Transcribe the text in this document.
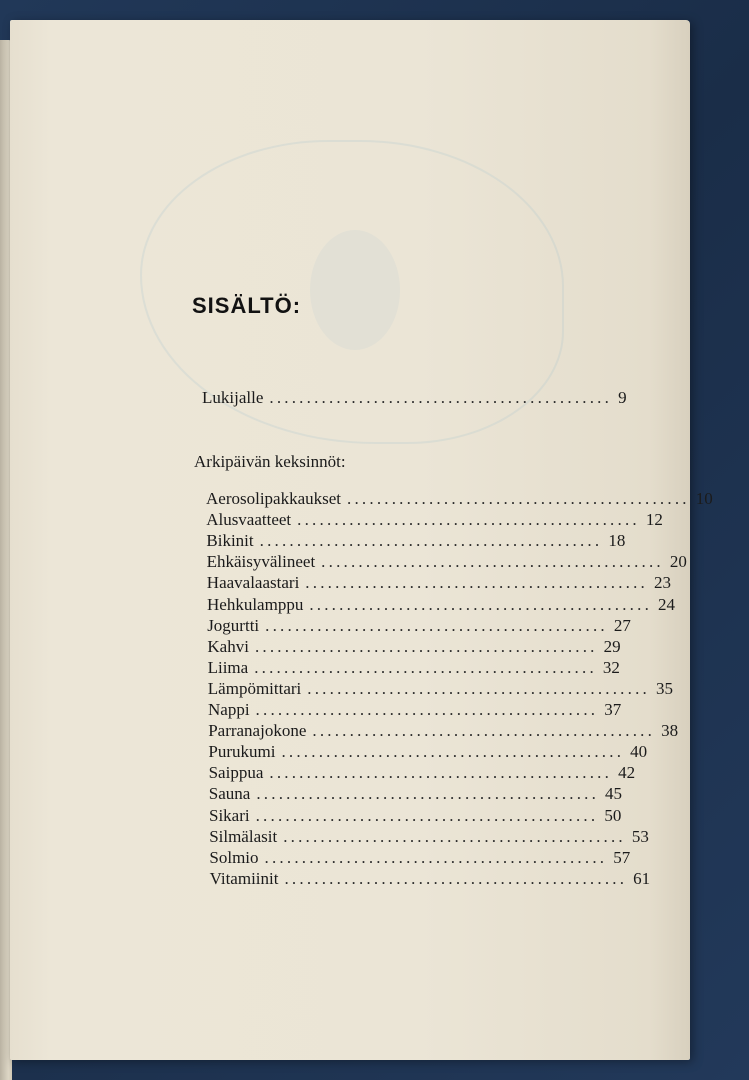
SISÄLTÖ:
Lukijalle .............................................. 9
Arkipäivän keksinnöt:
Aerosolipakkaukset .............................................. 10
Alusvaatteet .............................................. 12
Bikinit .............................................. 18
Ehkäisyvälineet .............................................. 20
Haavalaastari .............................................. 23
Hehkulamppu .............................................. 24
Jogurtti .............................................. 27
Kahvi .............................................. 29
Liima .............................................. 32
Lämpömittari .............................................. 35
Nappi .............................................. 37
Parranajokone .............................................. 38
Purukumi .............................................. 40
Saippua .............................................. 42
Sauna .............................................. 45
Sikari .............................................. 50
Silmälasit .............................................. 53
Solmio .............................................. 57
Vitamiinit .............................................. 61
